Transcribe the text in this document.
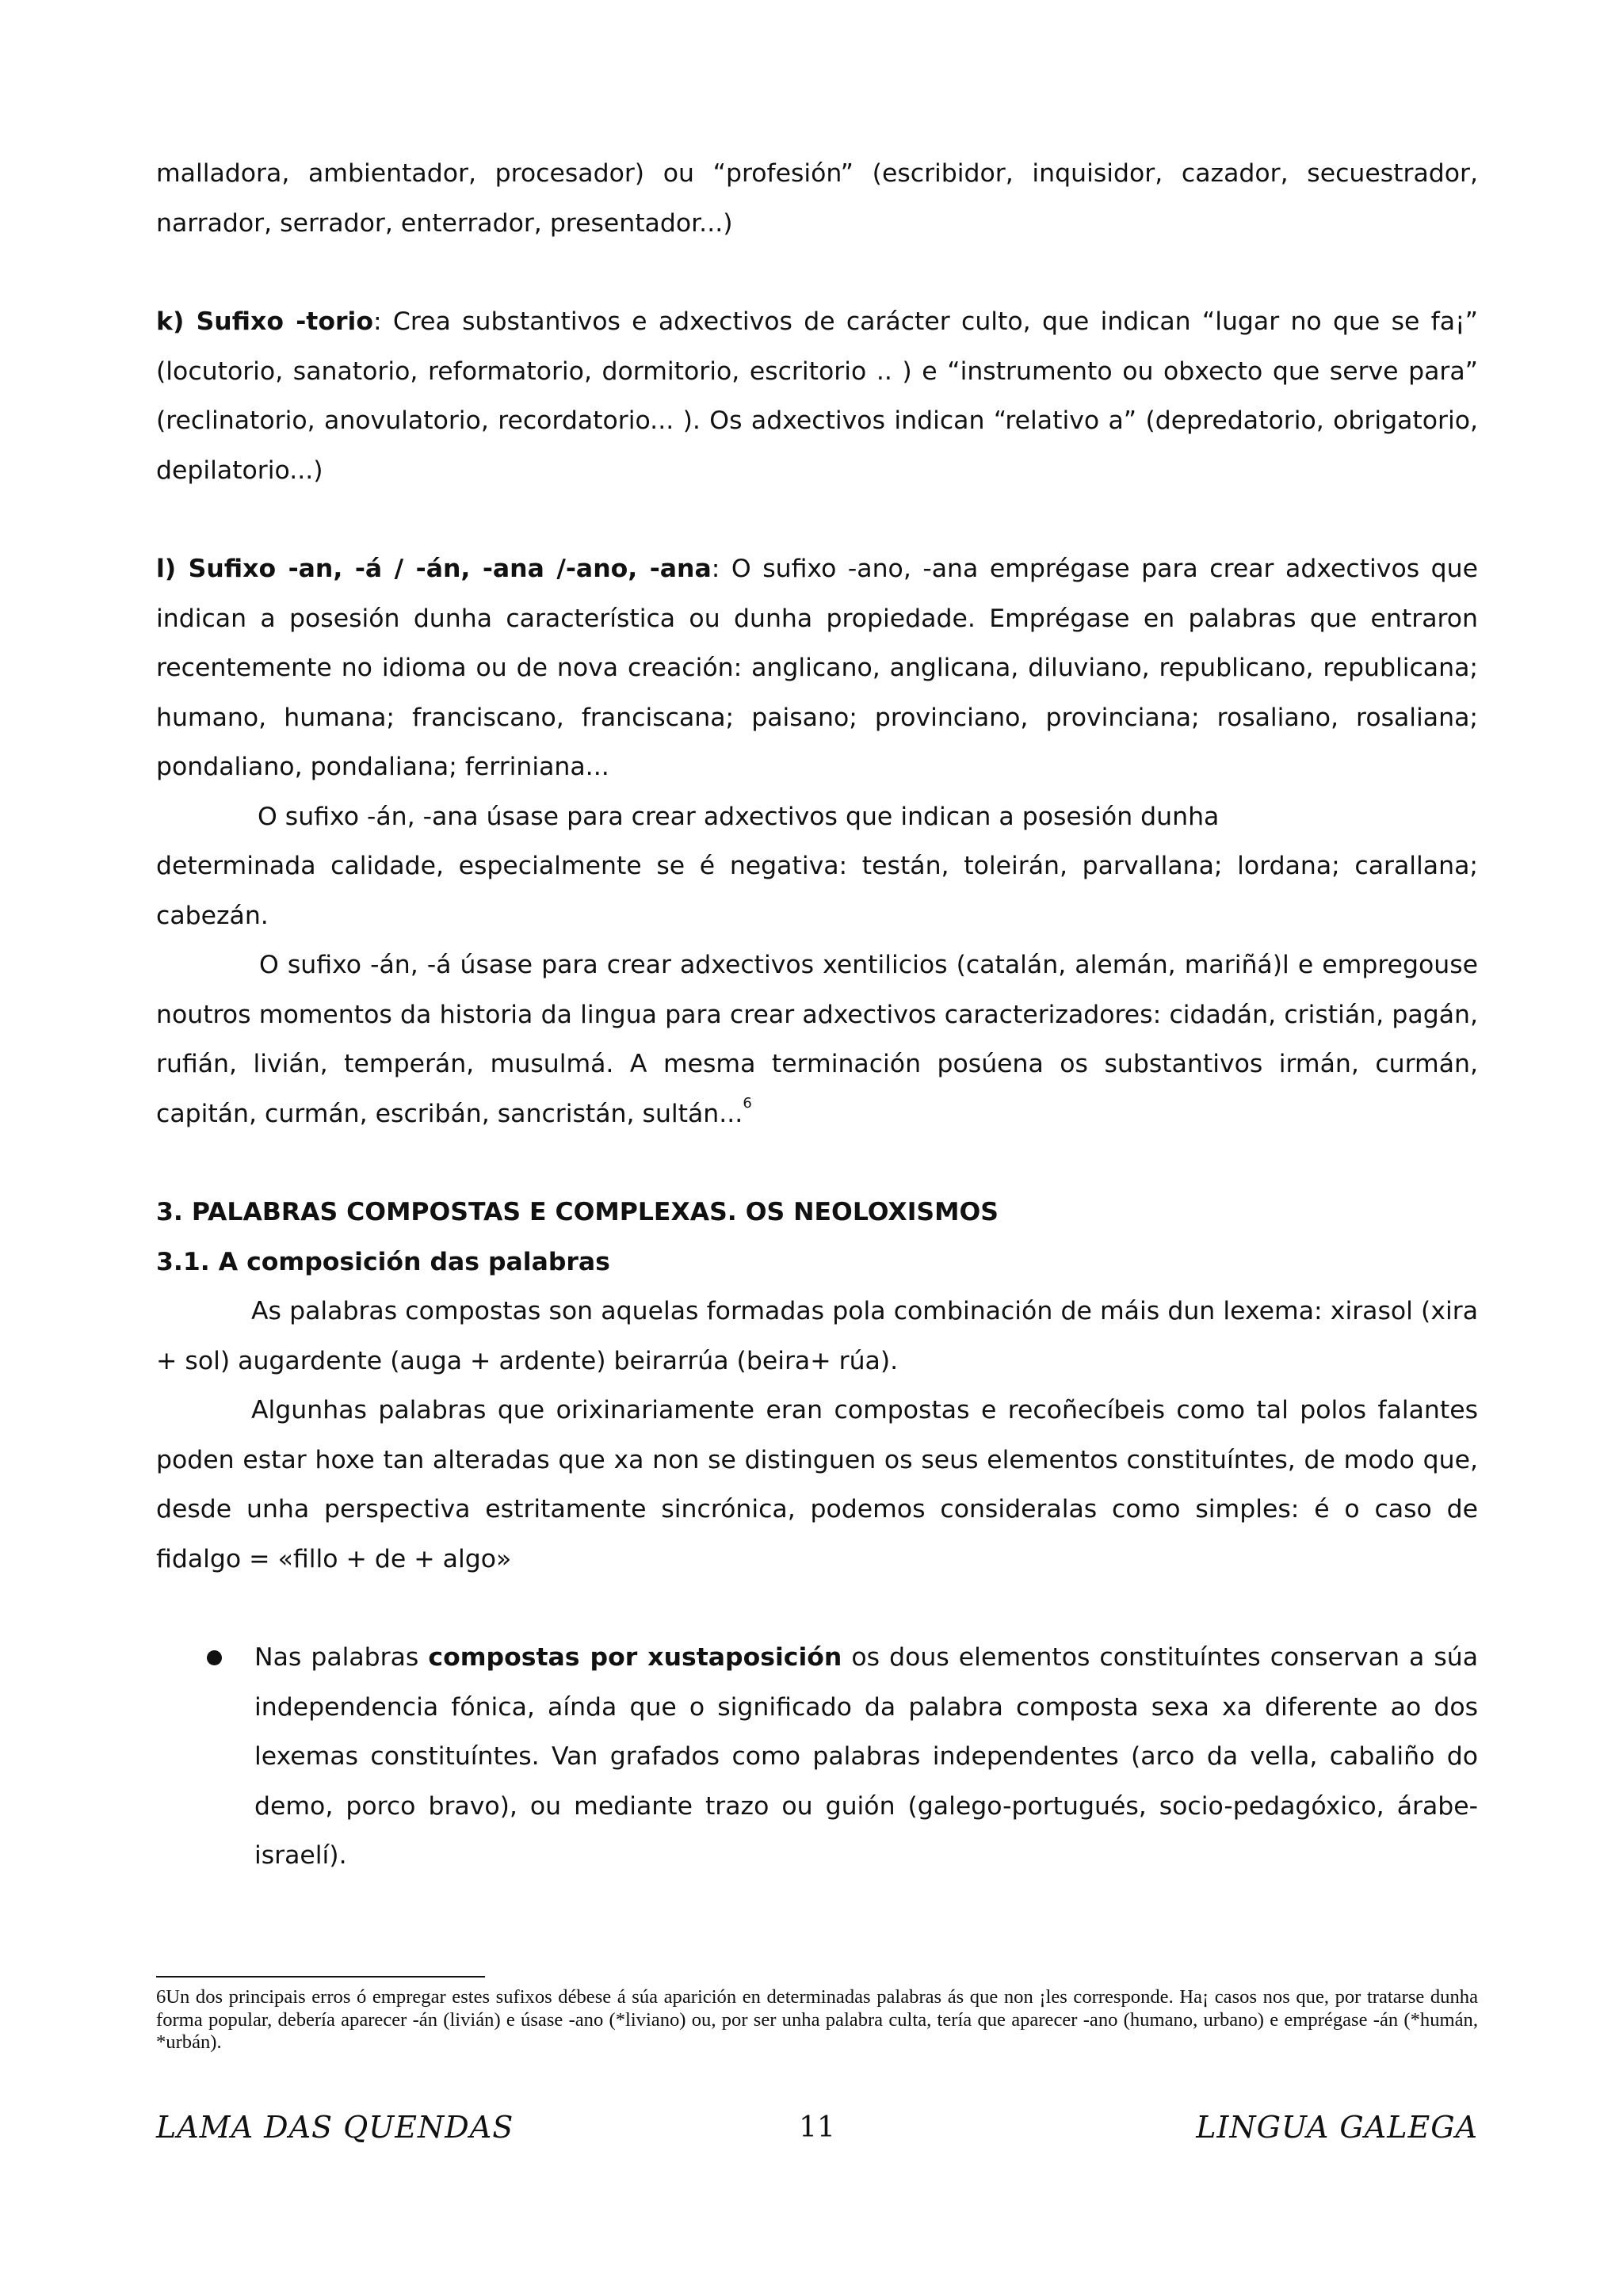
malladora, ambientador, procesador) ou “profesión” (escribidor, inquisidor, cazador, secuestrador, narrador, serrador, enterrador, presentador...)

k) Sufixo -torio: Crea substantivos e adxectivos de carácter culto, que indican “lugar no que se fa¡” (locutorio, sanatorio, reformatorio, dormitorio, escritorio .. ) e “instrumento ou obxecto que serve para” (reclinatorio, anovulatorio, recordatorio... ). Os adxectivos indican “relativo a” (depredatorio, obrigatorio, depilatorio...)

l) Sufixo -an, -á / -án, -ana /-ano, -ana: O sufixo -ano, -ana emprégase para crear adxectivos que indican a posesión dunha característica ou dunha propiedade. Emprégase en palabras que entraron recentemente no idioma ou de nova creación: anglicano, anglicana, diluviano, republicano, republicana; humano, humana; franciscano, franciscana; paisano; provinciano, provinciana; rosaliano, rosaliana; pondaliano, pondaliana; ferriniana...

O sufixo -án, -ana úsase para crear adxectivos que indican a posesión dunha
determinada calidade, especialmente se é negativa: testán, toleirán, parvallana; lordana; carallana; cabezán.

O sufixo -án, -á úsase para crear adxectivos xentilicios (catalán, alemán, mariñá)l e empregouse noutros momentos da historia da lingua para crear adxectivos caracterizadores: cidadán, cristián, pagán, rufián, livián, temperán, musulmá. A mesma terminación posúena os substantivos irmán, curmán, capitán, curmán, escribán, sancristán, sultán...$^6$

3. PALABRAS COMPOSTAS E COMPLEXAS. OS NEOLOXISMOS

3.1. A composición das palabras

As palabras compostas son aquelas formadas pola combinación de máis dun lexema: xirasol (xira + sol) augardente (auga + ardente) beirarrúa (beira+ rúa).

Algunhas palabras que orixinariamente eran compostas e recoñecíbeis como tal polos falantes poden estar hoxe tan alteradas que xa non se distinguen os seus elementos constituíntes, de modo que, desde unha perspectiva estritamente sincrónica, podemos consideralas como simples: é o caso de fidalgo = «fillo + de + algo»

Nas palabras compostas por xustaposición os dous elementos constituíntes conservan a súa independencia fónica, aínda que o significado da palabra composta sexa xa diferente ao dos lexemas constituíntes. Van grafados como palabras independentes (arco da vella, cabaliño do demo, porco bravo), ou mediante trazo ou guión (galego-portugués, socio-pedagóxico, árabe-israelí).

6Un dos principais erros ó empregar estes sufixos débese á súa aparición en determinadas palabras ás que non ¡les corresponde. Ha¡ casos nos que, por tratarse dunha forma popular, debería aparecer -án (livián) e úsase -ano (*liviano) ou, por ser unha palabra culta, tería que aparecer -ano (humano, urbano) e emprégase -án (*humán, *urbán).

LAMA DAS QUENDAS	11	LINGUA GALEGA
